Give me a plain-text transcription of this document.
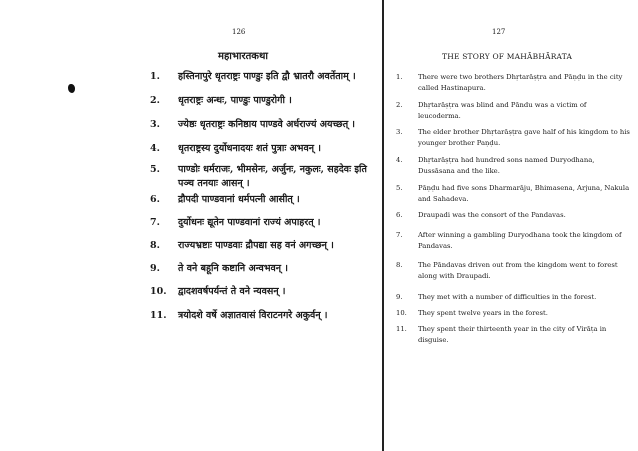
126
महाभारतकथा
1. हस्तिनापुरे धृतराष्ट्रः पाण्डुः इति द्वौ भ्रातरौ अवर्तेताम् ।
2. धृतराष्ट्रः अन्धः, पाण्डुः पाण्डुरोगी ।
3. ज्येष्ठः धृतराष्ट्रः कनिष्ठाय पाण्डवे अर्धराज्यं अयच्छत् ।
4. धृतराष्ट्रस्य दुर्योधनादयः शतं पुत्राः अभवन् ।
5. पाण्डोः धर्मराजः, भीमसेनः, अर्जुनः, नकुलः, सहदेवः इति पञ्च तनयाः आसन् ।
6. द्रौपदी पाण्डवानां धर्मपत्नी आसीत् ।
7. दुर्योधनः द्यूतेन पाण्डवानां राज्यं अपाहरत् ।
8. राज्यभ्रष्टाः पाण्डवाः द्रौपद्या सह वनं अगच्छन् ।
9. ते वने बहूनि कष्टानि अन्वभवन् ।
10. द्वादशवर्षपर्यन्तं ते वने न्यवसन् ।
11. त्रयोदशे वर्षे अज्ञातवासं विराटनगरे अकुर्वन् ।
127
THE STORY OF MAHĀBHĀRATA
1. There were two brothers Dhṛtarāṣṭra and Pāṇḍu in the city called Hastinapura.
2. Dhṛtarāṣṭra was blind and Pāndu was a victim of leucoderma.
3. The elder brother Dhṛtarāṣṭra gave half of his kingdom to his younger brother Paṇḍu.
4. Dhṛtarāṣṭra had hundred sons named Duryodhana, Dussāsana and the like.
5. Pāṇḍu had five sons Dharmarāju, Bhimasena, Arjuna, Nakula and Sahadeva.
6. Draupadi was the consort of the Pandavas.
7. After winning a gambling Duryodhana took the kingdom of Pandavas.
8. The Pāndavas driven out from the kingdom went to forest along with Draupadi.
9. They met with a number of difficulties in the forest.
10. They spent twelve years in the forest.
11. They spent their thirteenth year in the city of Virāṭa in disguise.
